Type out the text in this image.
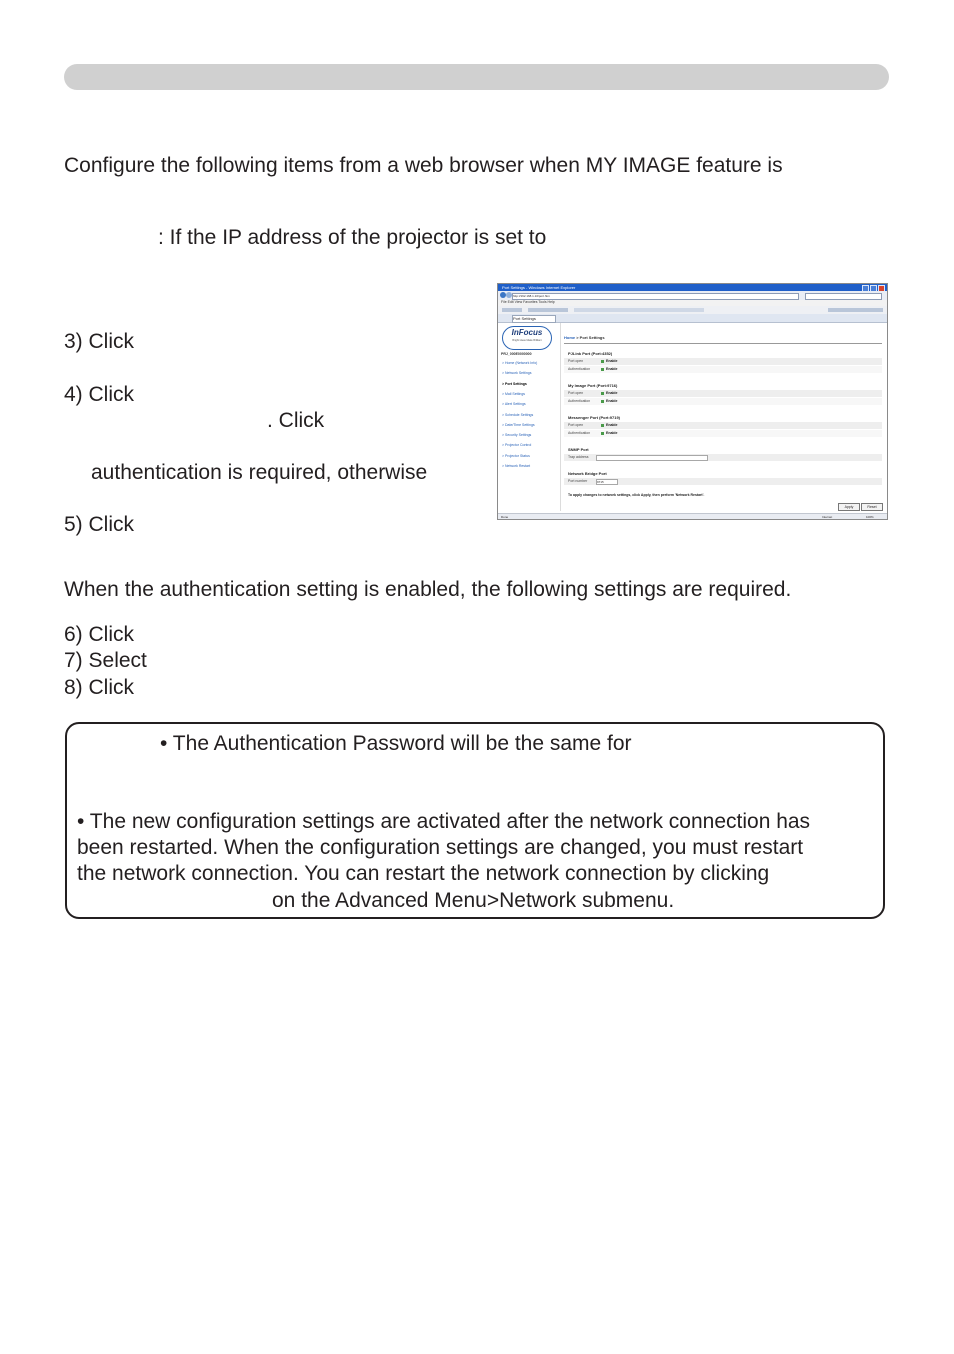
Configure the following items from a web browser when MY IMAGE feature is
: If the IP address of the projector is set to
3) Click
4) Click
. Click
authentication is required, otherwise
5) Click
When the authentication setting is enabled, the following settings are required.
6) Click
7) Select
8) Click
Port Settings - Windows Internet Explorer
http://192.168.1.10/port.htm
File Edit View Favorites Tools Help
Port Settings
InFocus
Bright Ideas Made Brilliant
PRJ_000E0000000
> Home (Network Info)
> Network Settings
> Port Settings
> Mail Settings
> Alert Settings
> Schedule Settings
> Date/Time Settings
> Security Settings
> Projector Control
> Projector Status
> Network Restart
Home > Port Settings
PJLink Port (Port:4352)
Port open	Enable
Authentication	Enable
My Image Port (Port:9716)
Port open	Enable
Authentication	Enable
Messenger Port (Port:9719)
Port open	Enable
Authentication	Enable
SNMP Port
Trap address
Network Bridge Port
Port number	9715
To apply changes to network settings, click Apply, then perform 'Network Restart'.
Apply	Reset
Done	Internet	100%
• The Authentication Password will be the same for
• The new configuration settings are activated after the network connection has
been restarted. When the configuration settings are changed, you must restart
the network connection. You can restart the network connection by clicking
on the Advanced Menu>Network submenu.
